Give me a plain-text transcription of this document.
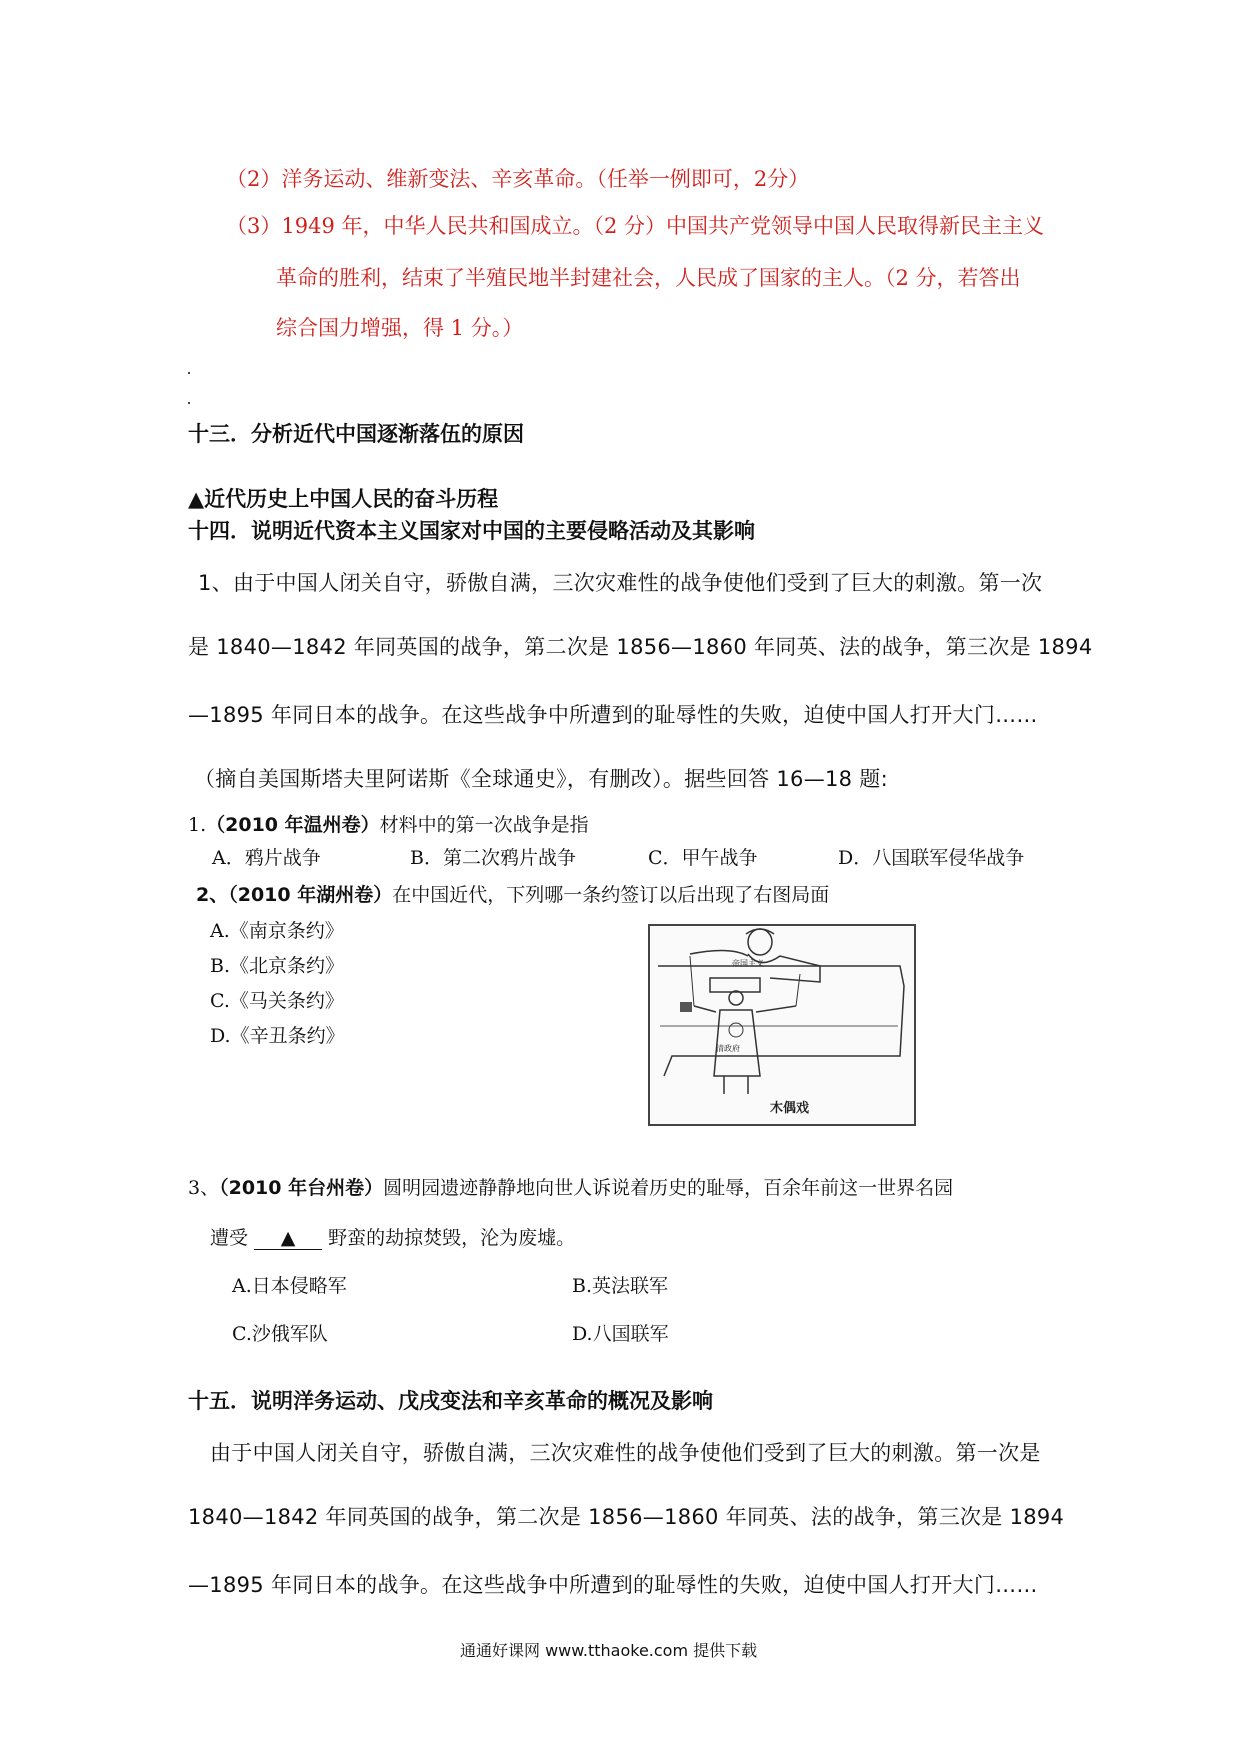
（2）洋务运动、维新变法、辛亥革命。（任举一例即可，2分）
（3）1949 年，中华人民共和国成立。（2 分）中国共产党领导中国人民取得新民主主义
革命的胜利，结束了半殖民地半封建社会，人民成了国家的主人。（2 分，若答出
综合国力增强，得 1 分。）
十三．分析近代中国逐渐落伍的原因
▲近代历史上中国人民的奋斗历程
十四．说明近代资本主义国家对中国的主要侵略活动及其影响
1、由于中国人闭关自守，骄傲自满，三次灾难性的战争使他们受到了巨大的刺激。第一次
是 1840—1842 年同英国的战争，第二次是 1856—1860 年同英、法的战争，第三次是 1894
—1895 年同日本的战争。在这些战争中所遭到的耻辱性的失败，迫使中国人打开大门……
（摘自美国斯塔夫里阿诺斯《全球通史》，有删改）。据些回答 16—18 题:
1.（2010 年温州卷）材料中的第一次战争是指
A．鸦片战争	B．第二次鸦片战争	C．甲午战争	D．八国联军侵华战争
2、（2010 年湖州卷）在中国近代，下列哪一条约签订以后出现了右图局面
A.《南京条约》
B.《北京条约》
C.《马关条约》
D.《辛丑条约》
帝国主义
清政府
木偶戏
3、（2010 年台州卷）圆明园遗迹静静地向世人诉说着历史的耻辱，百余年前这一世界名园
遭受 ▲ 野蛮的劫掠焚毁，沦为废墟。
A.日本侵略军	B.英法联军
C.沙俄军队	D.八国联军
十五．说明洋务运动、戊戌变法和辛亥革命的概况及影响
由于中国人闭关自守，骄傲自满，三次灾难性的战争使他们受到了巨大的刺激。第一次是
1840—1842 年同英国的战争，第二次是 1856—1860 年同英、法的战争，第三次是 1894
—1895 年同日本的战争。在这些战争中所遭到的耻辱性的失败，迫使中国人打开大门……
通通好课网 www.tthaoke.com 提供下载
